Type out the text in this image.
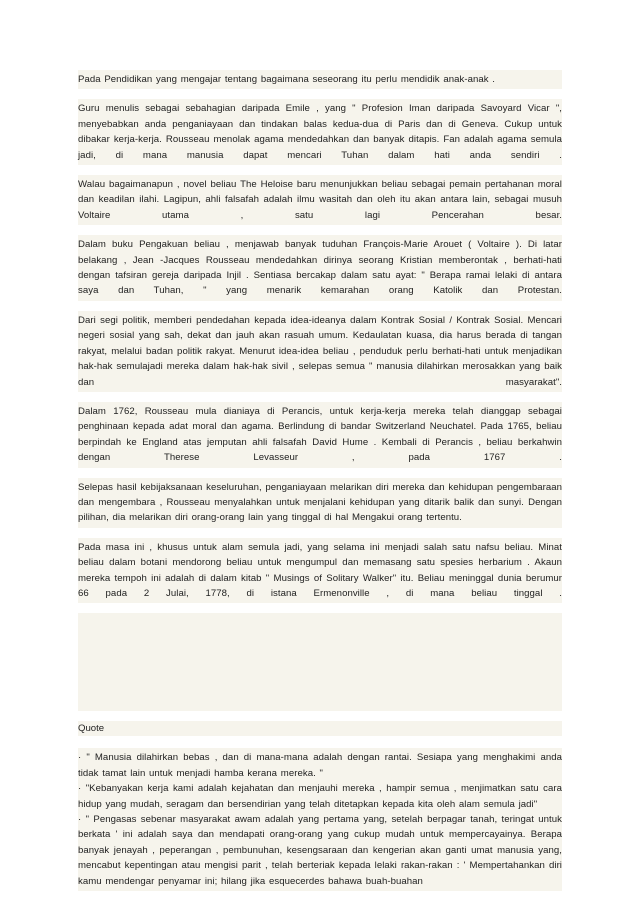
Pada Pendidikan yang mengajar tentang bagaimana seseorang itu perlu mendidik anak-anak .

Guru menulis sebagai sebahagian daripada Emile , yang " Profesion Iman daripada Savoyard Vicar ", menyebabkan anda penganiayaan dan tindakan balas kedua-dua di Paris dan di Geneva. Cukup untuk dibakar kerja-kerja. Rousseau menolak agama mendedahkan dan banyak ditapis. Fan adalah agama semula jadi, di mana manusia dapat mencari Tuhan dalam hati anda sendiri .

Walau bagaimanapun , novel beliau The Heloise baru menunjukkan beliau sebagai pemain pertahanan moral dan keadilan ilahi. Lagipun, ahli falsafah adalah ilmu wasitah dan oleh itu akan antara lain, sebagai musuh Voltaire utama , satu lagi Pencerahan besar.

Dalam buku Pengakuan beliau , menjawab banyak tuduhan François-Marie Arouet ( Voltaire ). Di latar belakang , Jean -Jacques Rousseau mendedahkan dirinya seorang Kristian memberontak , berhati-hati dengan tafsiran gereja daripada Injil . Sentiasa bercakap dalam satu ayat: " Berapa ramai lelaki di antara saya dan Tuhan, " yang menarik kemarahan orang Katolik dan Protestan.

Dari segi politik, memberi pendedahan kepada idea-ideanya dalam Kontrak Sosial / Kontrak Sosial. Mencari negeri sosial yang sah, dekat dan jauh akan rasuah umum. Kedaulatan kuasa, dia harus berada di tangan rakyat, melalui badan politik rakyat. Menurut idea-idea beliau , penduduk perlu berhati-hati untuk menjadikan hak-hak semulajadi mereka dalam hak-hak sivil , selepas semua " manusia dilahirkan merosakkan yang baik dan masyarakat".

Dalam 1762, Rousseau mula dianiaya di Perancis, untuk kerja-kerja mereka telah dianggap sebagai penghinaan kepada adat moral dan agama. Berlindung di bandar Switzerland Neuchatel. Pada 1765, beliau berpindah ke England atas jemputan ahli falsafah David Hume . Kembali di Perancis , beliau berkahwin dengan Therese Levasseur , pada 1767 .

Selepas hasil kebijaksanaan keseluruhan, penganiayaan melarikan diri mereka dan kehidupan pengembaraan dan mengembara , Rousseau menyalahkan untuk menjalani kehidupan yang ditarik balik dan sunyi. Dengan pilihan, dia melarikan diri orang-orang lain yang tinggal di hal Mengakui orang tertentu.

Pada masa ini , khusus untuk alam semula jadi, yang selama ini menjadi salah satu nafsu beliau. Minat beliau dalam botani mendorong beliau untuk mengumpul dan memasang satu spesies herbarium . Akaun mereka tempoh ini adalah di dalam kitab " Musings of Solitary Walker" itu. Beliau meninggal dunia berumur 66 pada 2 Julai, 1778, di istana Ermenonville , di mana beliau tinggal .

Quote

· " Manusia dilahirkan bebas , dan di mana-mana adalah dengan rantai. Sesiapa yang menghakimi anda tidak tamat lain untuk menjadi hamba kerana mereka. "
· "Kebanyakan kerja kami adalah kejahatan dan menjauhi mereka , hampir semua , menjimatkan satu cara hidup yang mudah, seragam dan bersendirian yang telah ditetapkan kepada kita oleh alam semula jadi"
· " Pengasas sebenar masyarakat awam adalah yang pertama yang, setelah berpagar tanah, teringat untuk berkata ' ini adalah saya dan mendapati orang-orang yang cukup mudah untuk mempercayainya. Berapa banyak jenayah , peperangan , pembunuhan, kesengsaraan dan kengerian akan ganti umat manusia yang, mencabut kepentingan atau mengisi parit , telah berteriak kepada lelaki rakan-rakan : ' Mempertahankan diri kamu mendengar penyamar ini; hilang jika esquecerdes bahawa buah-buahan
